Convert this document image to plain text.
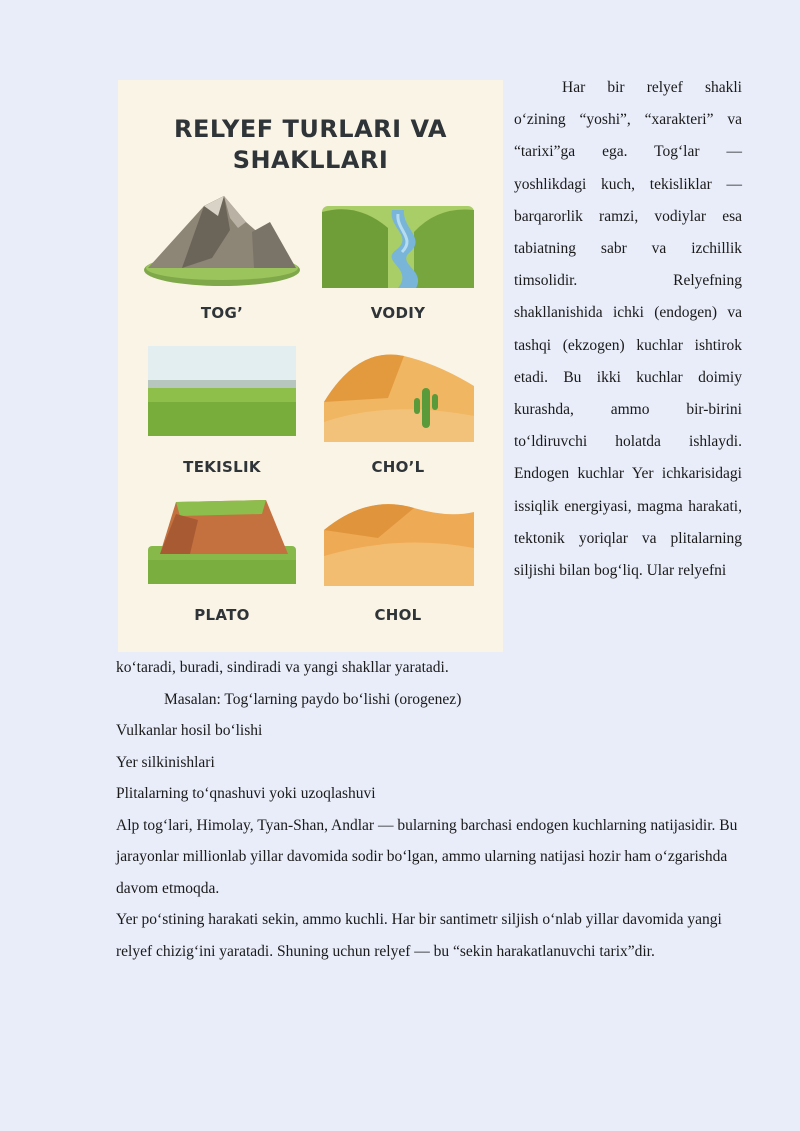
RELYEF TURLARI VA
SHAKLLARI
TOG’	VODIY
TEKISLIK	CHO’L
PLATO	CHOL

Har bir relyef shakli o‘zining “yoshi”, “xarakteri” va “tarixi”ga ega. Tog‘lar — yoshlikdagi kuch, tekisliklar — barqarorlik ramzi, vodiylar esa tabiatning sabr va izchillik timsolidir. Relyefning shakllanishida ichki (endogen) va tashqi (ekzogen) kuchlar ishtirok etadi. Bu ikki kuchlar doimiy kurashda, ammo bir-birini to‘ldiruvchi holatda ishlaydi. Endogen kuchlar Yer ichkarisidagi issiqlik energiyasi, magma harakati, tektonik yoriqlar va plitalarning siljishi bilan bog‘liq. Ular relyefni

ko‘taradi, buradi, sindiradi va yangi shakllar yaratadi.

Masalan: Tog‘larning paydo bo‘lishi (orogenez)

Vulkanlar hosil bo‘lishi

Yer silkinishlari

Plitalarning to‘qnashuvi yoki uzoqlashuvi

Alp tog‘lari, Himolay, Tyan-Shan, Andlar — bularning barchasi endogen kuchlarning natijasidir. Bu jarayonlar millionlab yillar davomida sodir bo‘lgan, ammo ularning natijasi hozir ham o‘zgarishda davom etmoqda.

Yer po‘stining harakati sekin, ammo kuchli. Har bir santimetr siljish o‘nlab yillar davomida yangi relyef chizig‘ini yaratadi. Shuning uchun relyef — bu “sekin harakatlanuvchi tarix”dir.
